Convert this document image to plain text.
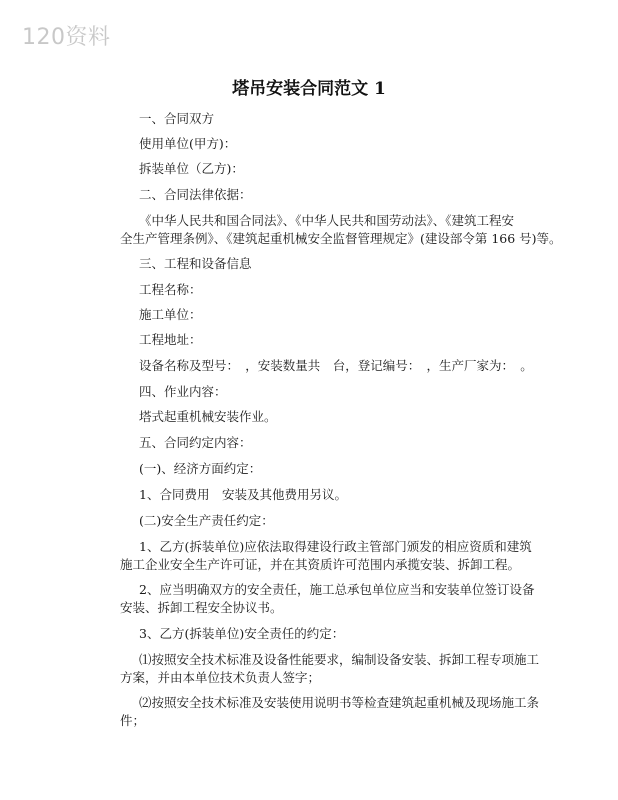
120资料
塔吊安装合同范文 1
一、合同双方
使用单位(甲方)：
拆装单位（乙方)：
二、合同法律依据：
《中华人民共和国合同法》、《中华人民共和国劳动法》、《建筑工程安
全生产管理条例》、《建筑起重机械安全监督管理规定》(建设部令第 166 号)等。
三、工程和设备信息
工程名称：
施工单位：
工程地址：
设备名称及型号：　，安装数量共　台，登记编号：　，生产厂家为：　。
四、作业内容：
塔式起重机械安装作业。
五、合同约定内容：
(一)、经济方面约定：
1、合同费用　安装及其他费用另议。
(二)安全生产责任约定：
1、乙方(拆装单位)应依法取得建设行政主管部门颁发的相应资质和建筑
施工企业安全生产许可证，并在其资质许可范围内承揽安装、拆卸工程。
2、应当明确双方的安全责任，施工总承包单位应当和安装单位签订设备
安装、拆卸工程安全协议书。
3、乙方(拆装单位)安全责任的约定：
⑴按照安全技术标准及设备性能要求，编制设备安装、拆卸工程专项施工
方案，并由本单位技术负责人签字；
⑵按照安全技术标准及安装使用说明书等检查建筑起重机械及现场施工条
件；
